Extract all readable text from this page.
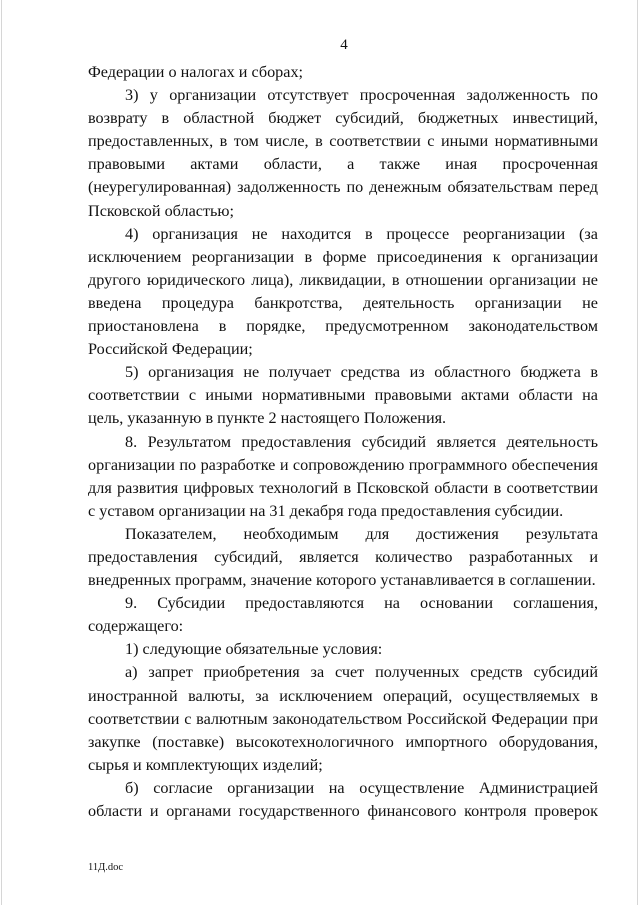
4

Федерации о налогах и сборах;

3) у организации отсутствует просроченная задолженность по возврату в областной бюджет субсидий, бюджетных инвестиций, предоставленных, в том числе, в соответствии с иными нормативными правовыми актами области, а также иная просроченная (неурегулированная) задолженность по денежным обязательствам перед Псковской областью;

4) организация не находится в процессе реорганизации (за исключением реорганизации в форме присоединения к организации другого юридического лица), ликвидации, в отношении организации не введена процедура банкротства, деятельность организации не приостановлена в порядке, предусмотренном законодательством Российской Федерации;

5) организация не получает средства из областного бюджета в соответствии с иными нормативными правовыми актами области на цель, указанную в пункте 2 настоящего Положения.

8. Результатом предоставления субсидий является деятельность организации по разработке и сопровождению программного обеспечения для развития цифровых технологий в Псковской области в соответствии с уставом организации на 31 декабря года предоставления субсидии.

Показателем, необходимым для достижения результата предоставления субсидий, является количество разработанных и внедренных программ, значение которого устанавливается в соглашении.

9. Субсидии предоставляются на основании соглашения, содержащего:

1) следующие обязательные условия:

а) запрет приобретения за счет полученных средств субсидий иностранной валюты, за исключением операций, осуществляемых в соответствии с валютным законодательством Российской Федерации при закупке (поставке) высокотехнологичного импортного оборудования, сырья и комплектующих изделий;

б) согласие организации на осуществление Администрацией области и органами государственного финансового контроля проверок

11Д.doc
